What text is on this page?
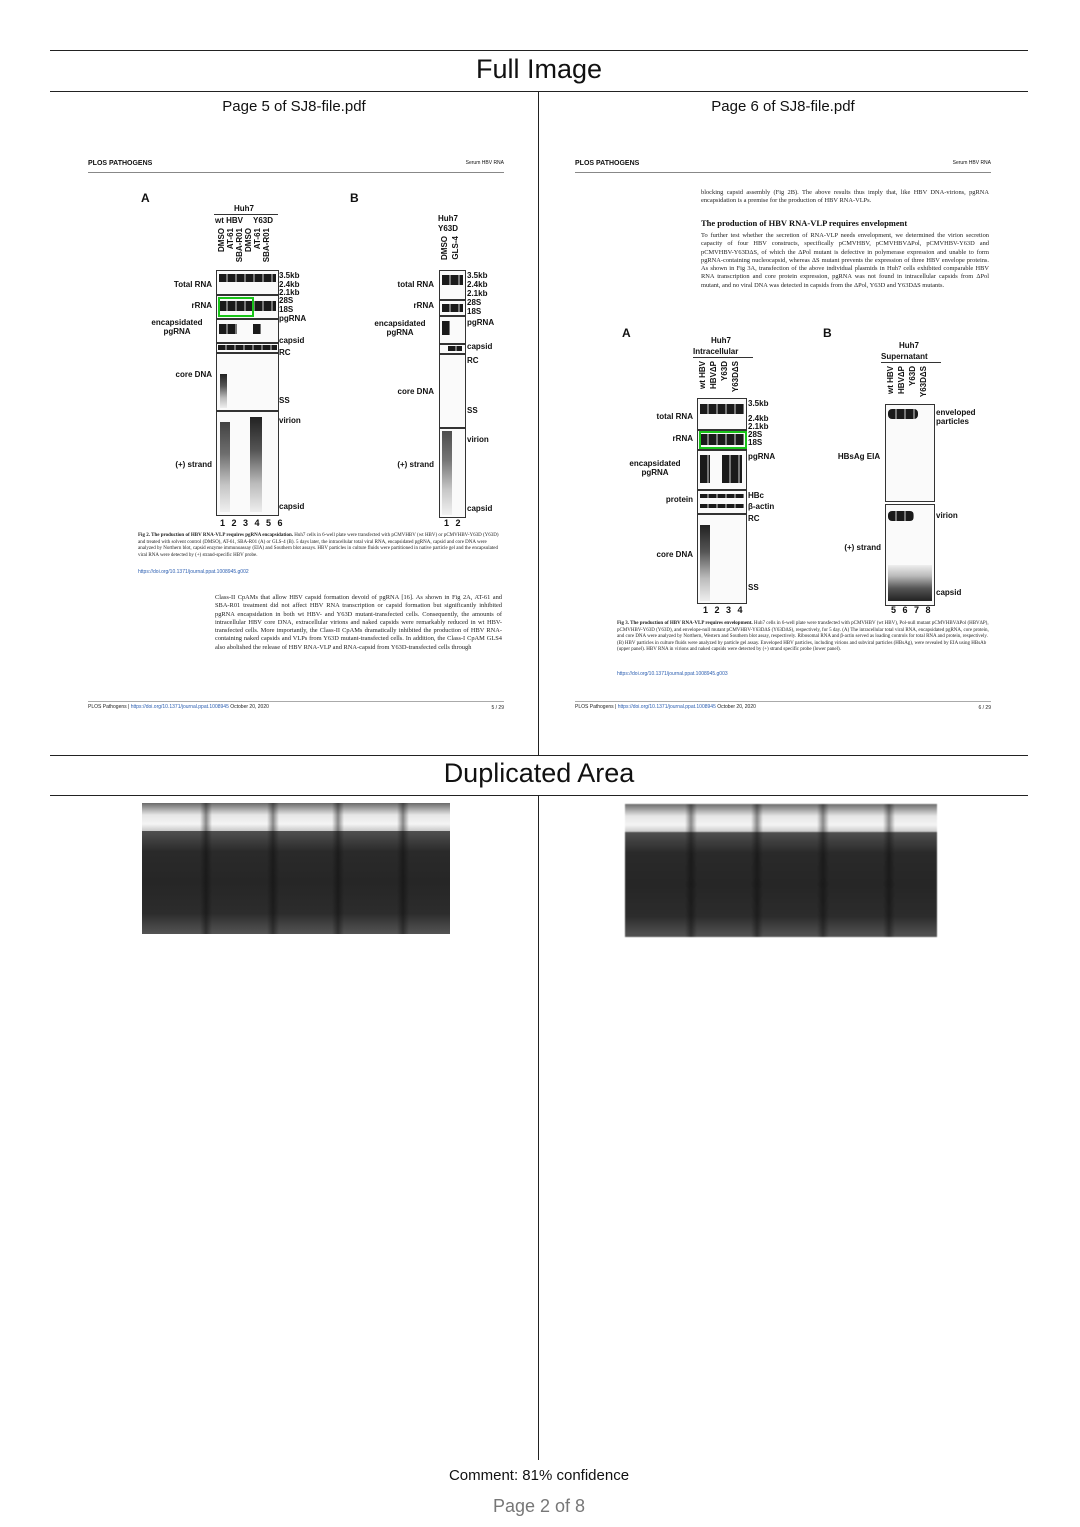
Full Image
Duplicated Area
Page 5 of SJ8-file.pdf	Page 6 of SJ8-file.pdf
PLOS PATHOGENS	Serum HBV RNA
A	B
Huh7
wt HBV Y63D
DMSO AT-61 SBA-R01 DMSO AT-61 SBA-R01
Total RNA
rRNA
encapsidated pgRNA
core DNA
(+) strand
3.5kb
2.4kb
2.1kb
28S
18S
pgRNA
capsid
RC
SS
virion
capsid
1 2 3 4 5 6
Huh7
Y63D
DMSO GLS-4
total RNA
rRNA
encapsidated pgRNA
core DNA
(+) strand
3.5kb
2.4kb
2.1kb
28S
18S
pgRNA
capsid
RC
SS
virion
capsid
1 2
Fig 2. The production of HBV RNA-VLP requires pgRNA encapsidation. Huh7 cells in 6-well plate were transfected with pCMVHBV (wt HBV) or pCMVHBV-Y63D (Y63D) and treated with solvent control (DMSO), AT-61, SBA-R01 (A) or GLS-4 (B). 5 days later, the intracellular total viral RNA, encapsidated pgRNA, capsid and core DNA were analyzed by Northern blot, capsid enzyme immunoassay (EIA) and Southern blot assays. HBV particles in culture fluids were partitioned in native particle gel and the encapsulated viral RNA were detected by (+) strand-specific HBV probe.
https://doi.org/10.1371/journal.ppat.1008945.g002
Class-II CpAMs that allow HBV capsid formation devoid of pgRNA [16]. As shown in Fig 2A, AT-61 and SBA-R01 treatment did not affect HBV RNA transcription or capsid formation but significantly inhibited pgRNA encapsidation in both wt HBV- and Y63D mutant-transfected cells. Consequently, the amounts of intracellular HBV core DNA, extracellular virions and naked capsids were remarkably reduced in wt HBV-transfected cells. More importantly, the Class-II CpAMs dramatically inhibited the production of HBV RNA-containing naked capsids and VLPs from Y63D mutant-transfected cells. In addition, the Class-I CpAM GLS4 also abolished the release of HBV RNA-VLP and RNA-capsid from Y63D-transfected cells through
PLOS Pathogens | https://doi.org/10.1371/journal.ppat.1008945 October 20, 2020	5 / 29
PLOS PATHOGENS	Serum HBV RNA
blocking capsid assembly (Fig 2B). The above results thus imply that, like HBV DNA-virions, pgRNA encapsidation is a premise for the production of HBV RNA-VLPs.
The production of HBV RNA-VLP requires envelopment
To further test whether the secretion of RNA-VLP needs envelopment, we determined the virion secretion capacity of four HBV constructs, specifically pCMVHBV, pCMVHBVΔPol, pCMVHBV-Y63D and pCMVHBV-Y63DΔS, of which the ΔPol mutant is defective in polymerase expression and unable to form pgRNA-containing nucleocapsid, whereas ΔS mutant prevents the expression of three HBV envelope proteins. As shown in Fig 3A, transfection of the above individual plasmids in Huh7 cells exhibited comparable HBV RNA transcription and core protein expression, pgRNA was not found in intracellular capsids from ΔPol mutant, and no viral DNA was detected in capsids from the ΔPol, Y63D and Y63DΔS mutants.
A	B
Huh7
Intracellular
wt HBV HBVΔP Y63D Y63DΔS
total RNA
rRNA
encapsidated pgRNA
protein
core DNA
3.5kb
2.4kb
2.1kb
28S
18S
pgRNA
HBc
β-actin
RC
SS
1 2 3 4
Huh7
Supernatant
wt HBV HBVΔP Y63D Y63DΔS
HBsAg EIA
(+) strand
enveloped particles
virion
capsid
5 6 7 8
Fig 3. The production of HBV RNA-VLP requires envelopment. Huh7 cells in 6-well plate were transfected with pCMVHBV (wt HBV), Pol-null mutant pCMVHBVΔPol (HBVΔP), pCMVHBV-Y63D (Y63D), and envelope-null mutant pCMVHBV-Y63DΔS (Y63DΔS), respectively, for 5 day. (A) The intracellular total viral RNA, encapsidated pgRNA, core protein, and core DNA were analyzed by Northern, Western and Southern blot assay, respectively. Ribosomal RNA and β-actin served as loading controls for total RNA and protein, respectively. (B) HBV particles in culture fluids were analyzed by particle gel assay. Enveloped HBV particles, including virions and subviral particles (HBsAg), were revealed by EIA using HBsAb (upper panel). HBV RNA in virions and naked capsids were detected by (+) strand specific probe (lower panel).
https://doi.org/10.1371/journal.ppat.1008945.g003
PLOS Pathogens | https://doi.org/10.1371/journal.ppat.1008945 October 20, 2020	6 / 29
Comment: 81% confidence
Page 2 of 8
